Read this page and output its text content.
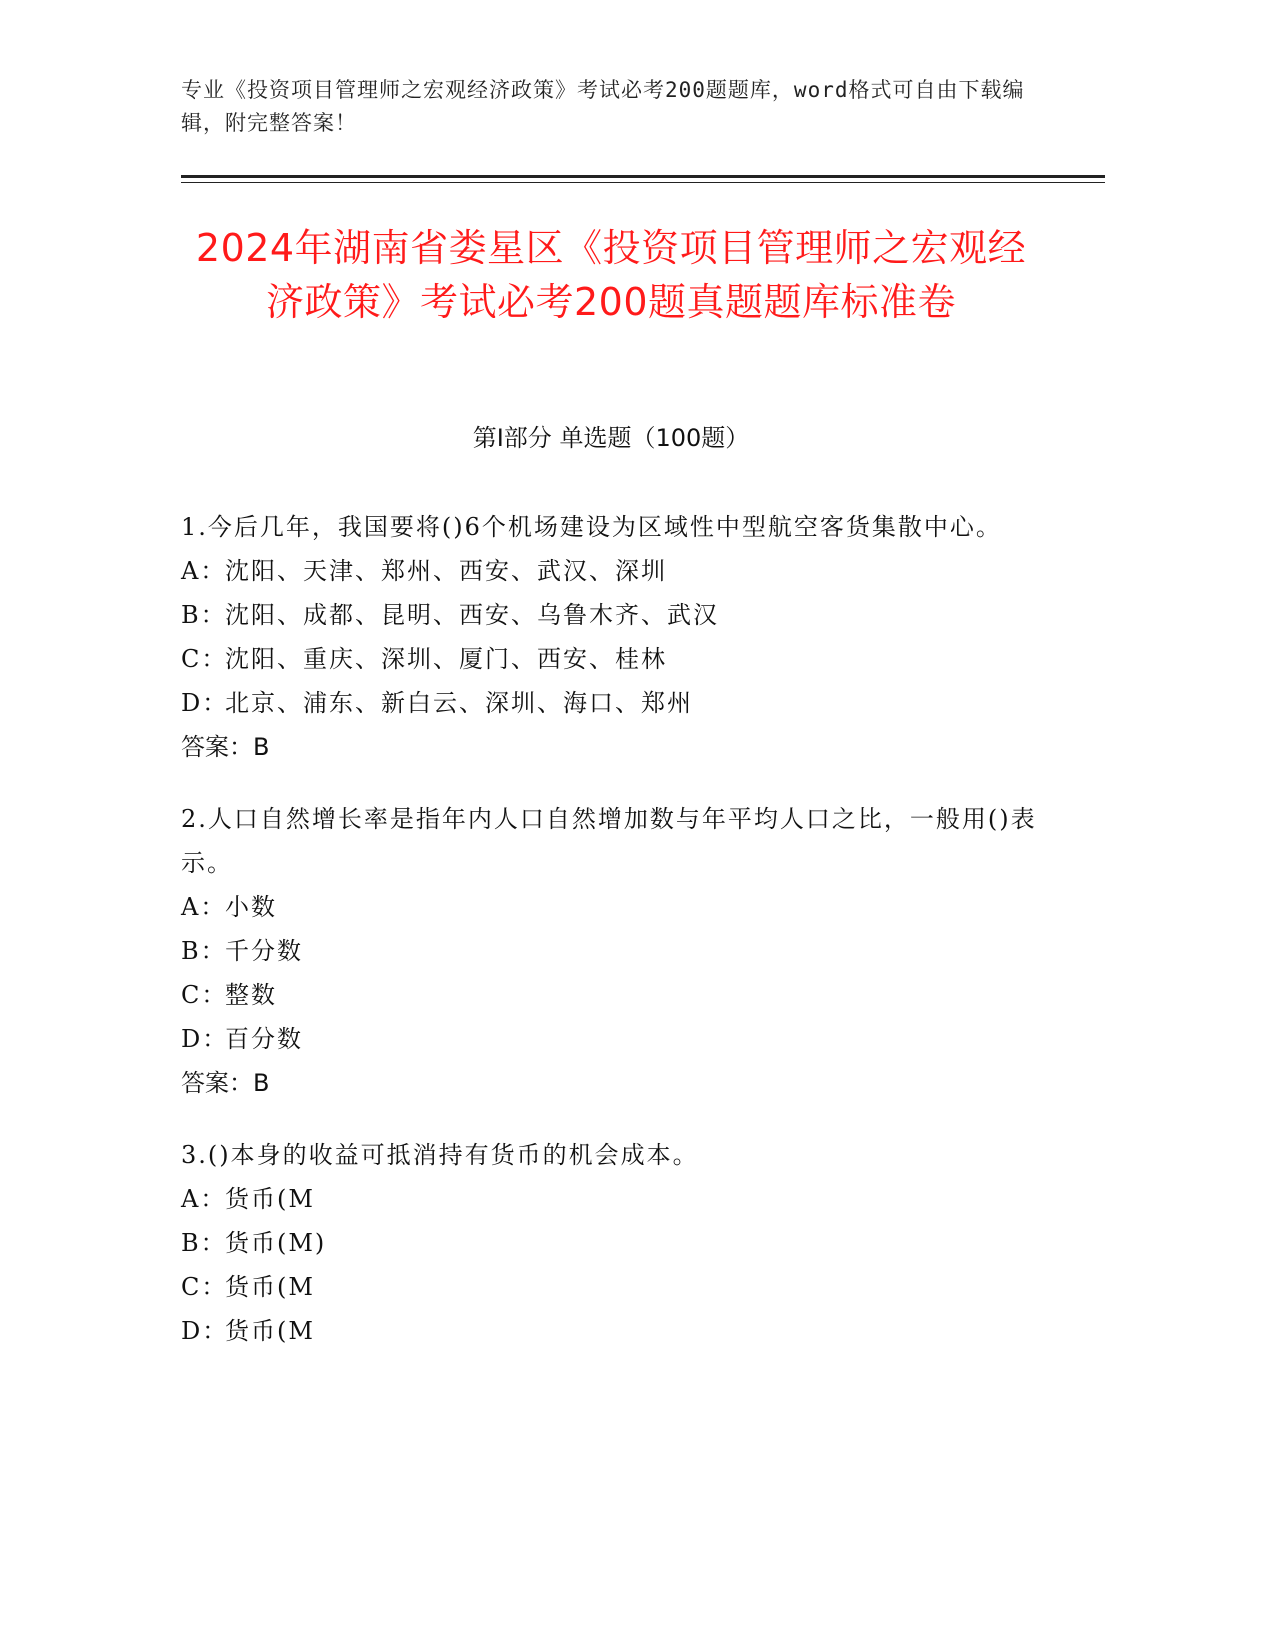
专业《投资项目管理师之宏观经济政策》考试必考200题题库，word格式可自由下载编辑，附完整答案！
2024年湖南省娄星区《投资项目管理师之宏观经济政策》考试必考200题真题题库标准卷
第Ⅰ部分 单选题（100题）
1.今后几年，我国要将()6个机场建设为区域性中型航空客货集散中心。
A：
沈阳、天津、郑州、西安、武汉、深圳
B：
沈阳、成都、昆明、西安、乌鲁木齐、武汉
C：
沈阳、重庆、深圳、厦门、西安、桂林
D：
北京、浦东、新白云、深圳、海口、郑州
答案：B
2.人口自然增长率是指年内人口自然增加数与年平均人口之比，一般用()表示。
A：
小数
B：
千分数
C：
整数
D：
百分数
答案：B
3.()本身的收益可抵消持有货币的机会成本。
A：
货币(M
B：
货币(M)
C：
货币(M
D：
货币(M
